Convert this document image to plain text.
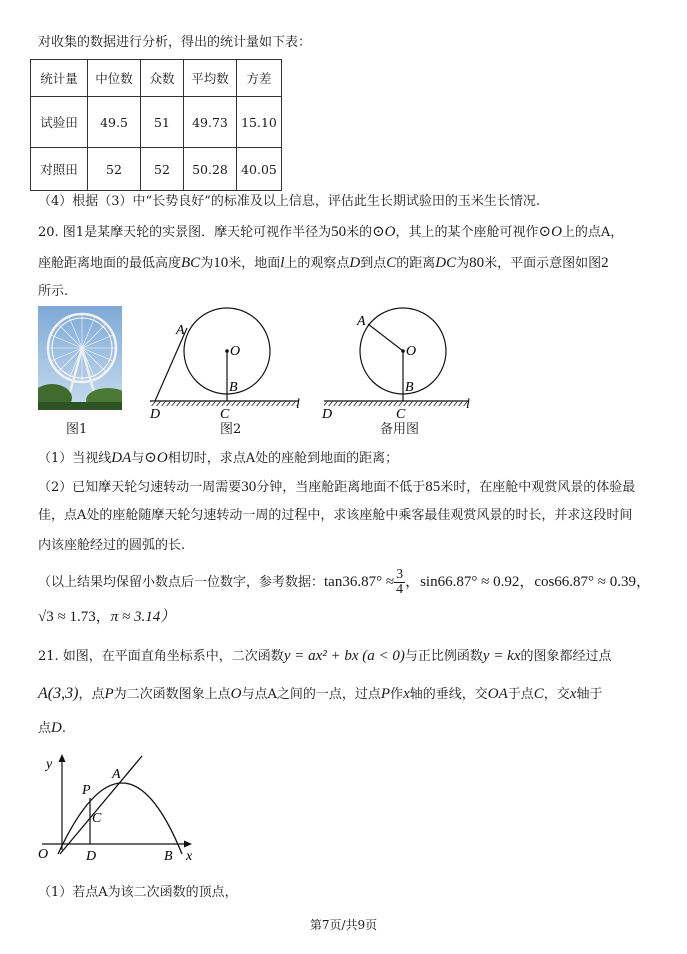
对收集的数据进行分析，得出的统计量如下表：
统计量	中位数	众数	平均数	方差
试验田	49.5	51	49.73	15.10
对照田	52	52	50.28	40.05
（4）根据（3）中“长势良好”的标准及以上信息，评估此生长期试验田的玉米生长情况.
20. 图1是某摩天轮的实景图．摩天轮可视作半径为50米的⊙O，其上的某个座舱可视作⊙O上的点A，
座舱距离地面的最低高度BC为10米，地面l上的观察点D到点C的距离DC为80米，平面示意图如图2
所示.
图1
A
O
B
D	C
l
图2
A
O
B
D	C
l
备用图
（1）当视线DA与⊙O相切时，求点A处的座舱到地面的距离；
（2）已知摩天轮匀速转动一周需要30分钟，当座舱距离地面不低于85米时，在座舱中观赏风景的体验最
佳，点A处的座舱随摩天轮匀速转动一周的过程中，求该座舱中乘客最佳观赏风景的时长，并求这段时间
内该座舱经过的圆弧的长.
（以上结果均保留小数点后一位数字，参考数据：$\tan 36.87^\circ \approx \frac{3}{4}$ ，sin66.87° ≈ 0.92，cos66.87° ≈ 0.39，
√3 ≈ 1.73，π ≈ 3.14）
21. 如图，在平面直角坐标系中，二次函数y = ax² + bx (a < 0)与正比例函数y = kx的图象都经过点
A(3,3)，点P为二次函数图象上点O与点A之间的一点，过点P作x轴的垂线，交OA于点C，交x轴于
点D.
y
A
P
C
O	D	B x
（1）若点A为该二次函数的顶点，
第7页/共9页
